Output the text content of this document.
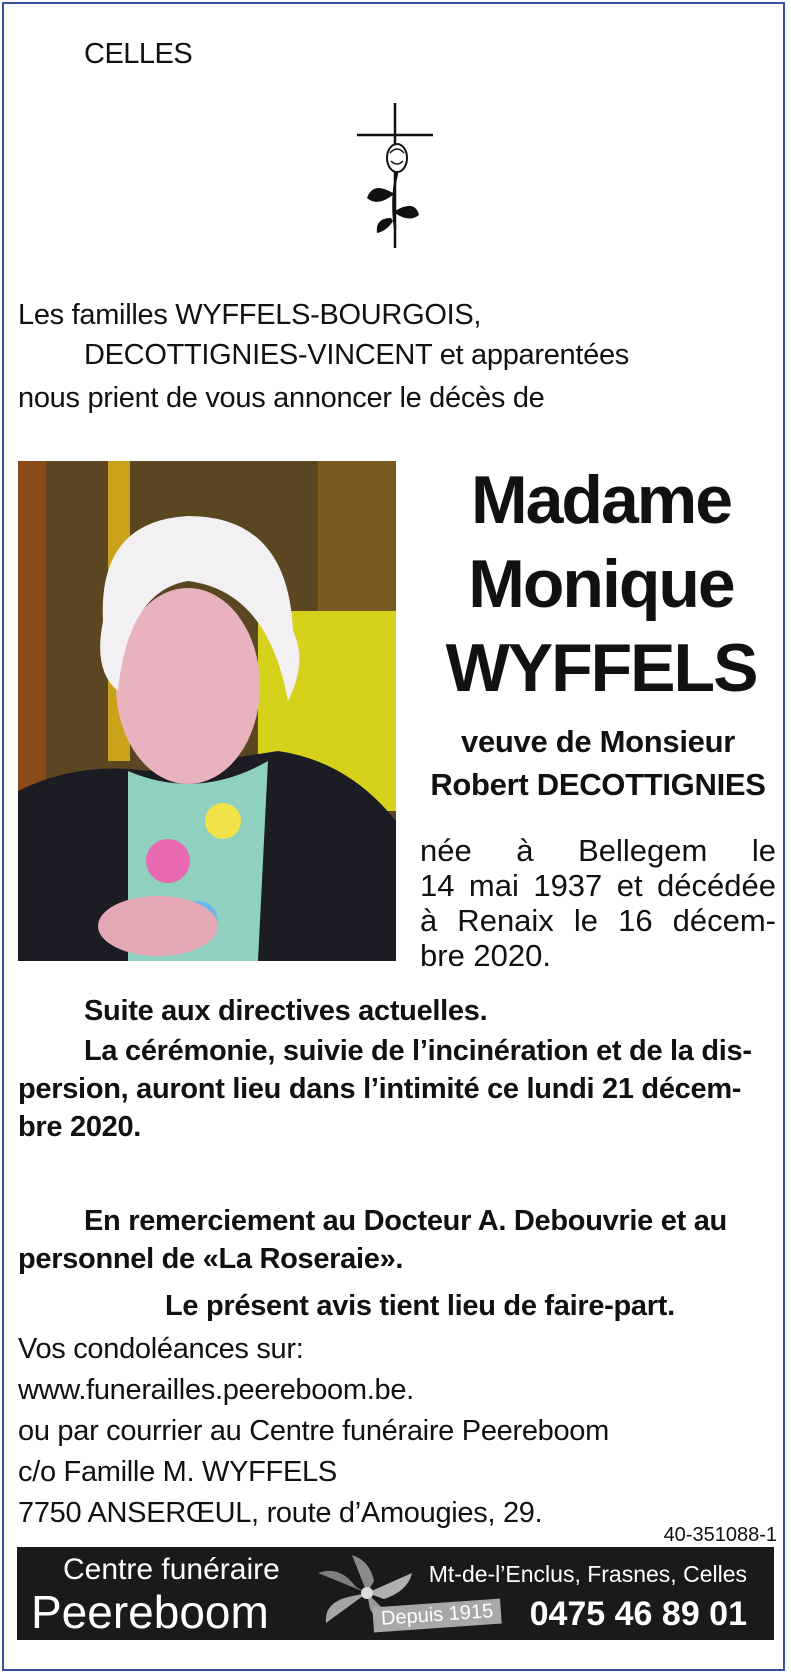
CELLES
Les familles WYFFELS-BOURGOIS,
DECOTTIGNIES-VINCENT et apparentées
nous prient de vous annoncer le décès de
Madame
Monique
WYFFELS
veuve de Monsieur
Robert DECOTTIGNIES
née à Bellegem le
14 mai 1937 et décédée
à Renaix le 16 décem-
bre 2020.
Suite aux directives actuelles.
La cérémonie, suivie de l’incinération et de la dis-
persion, auront lieu dans l’intimité ce lundi 21 décem-
bre 2020.
En remerciement au Docteur A. Debouvrie et au
personnel de «La Roseraie».
Le présent avis tient lieu de faire-part.
Vos condoléances sur:
www.funerailles.peereboom.be.
ou par courrier au Centre funéraire Peereboom
c/o Famille M. WYFFELS
7750 ANSERŒUL, route d’Amougies, 29.
40-351088-1
Centre funéraire
Peereboom	Depuis 1915
Mt-de-l’Enclus, Frasnes, Celles
0475 46 89 01
